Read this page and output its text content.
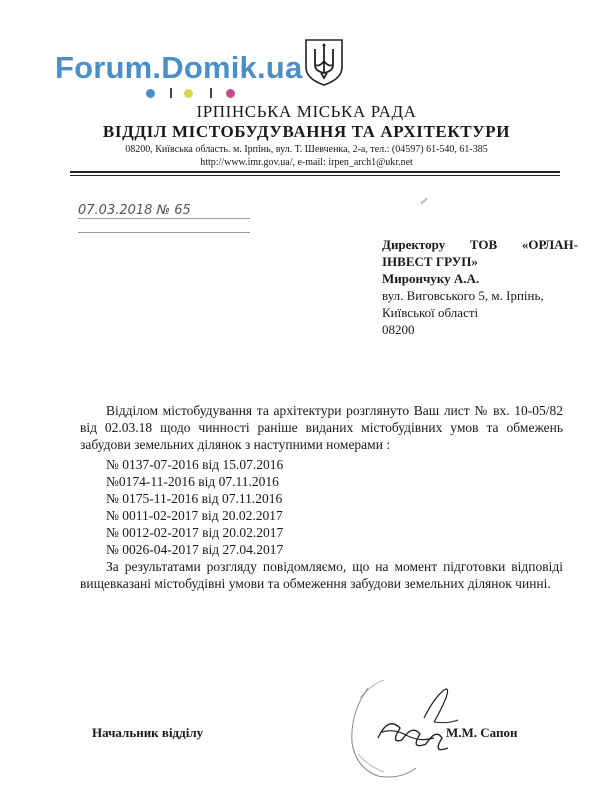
Forum.Domik.ua
ІРПІНСЬКА МІСЬКА РАДА
ВІДДІЛ МІСТОБУДУВАННЯ ТА АРХІТЕКТУРИ
08200, Київська область. м. Ірпінь, вул. Т. Шевченка, 2-а, тел.: (04597) 61-540, 61-385
http://www.imr.gov.ua/, e-mail: irpen_arch1@ukr.net
07.03.2018 № 65
Директору ТОВ «ОРЛАН-
ІНВЕСТ ГРУП»
Мирончуку А.А.
вул. Виговського 5, м. Ірпінь,
Київської області
08200
Відділом містобудування та архітектури розглянуто Ваш лист № вх. 10-05/82 від 02.03.18 щодо чинності раніше виданих містобудівних умов та обмежень забудови земельних ділянок з наступними номерами :
№ 0137-07-2016 від 15.07.2016
№0174-11-2016 від 07.11.2016
№ 0175-11-2016 від 07.11.2016
№ 0011-02-2017 від 20.02.2017
№ 0012-02-2017 від 20.02.2017
№ 0026-04-2017 від 27.04.2017
За результатами розгляду повідомляємо, що на момент підготовки відповіді вищевказані містобудівні умови та обмеження забудови земельних ділянок чинні.
Начальник відділу	М.М. Сапон
